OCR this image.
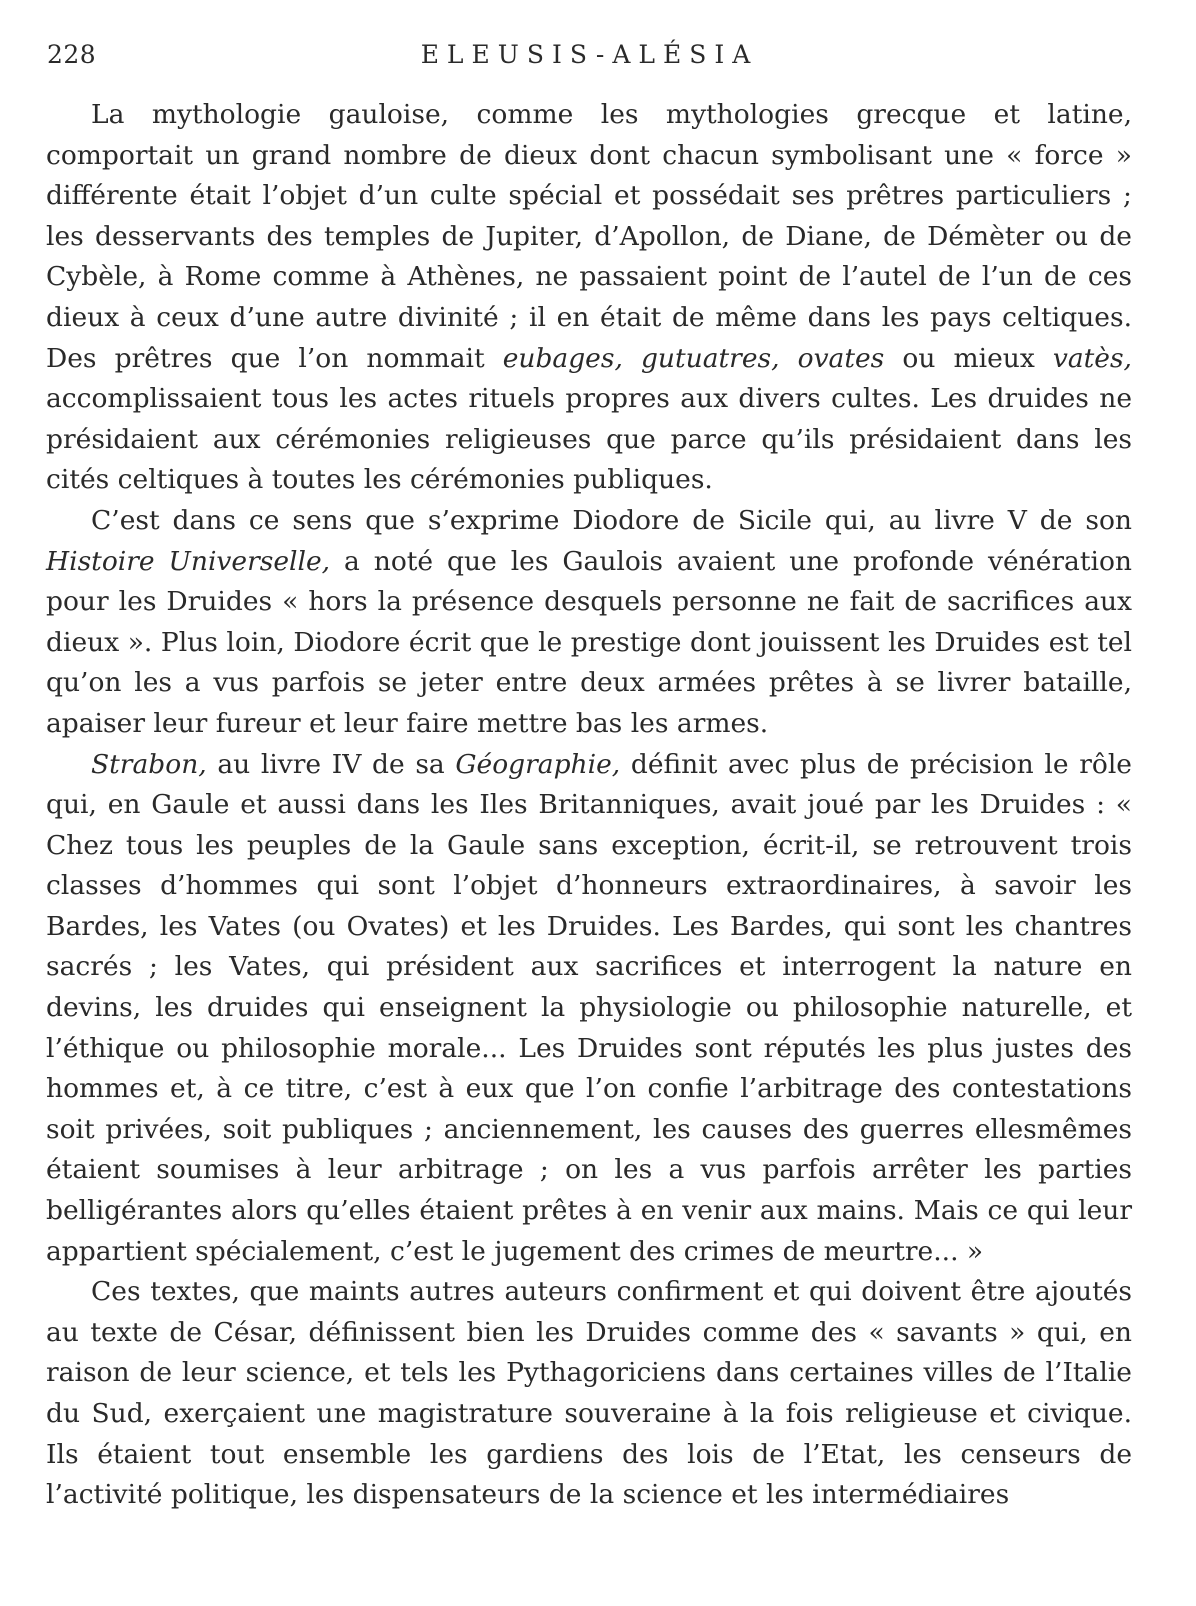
228	ELEUSIS-ALÉSIA

La mythologie gauloise, comme les mythologies grecque et latine, comportait un grand nombre de dieux dont chacun symbolisant une « force » différente était l’objet d’un culte spécial et possédait ses prêtres particuliers ; les desservants des temples de Jupiter, d’Apollon, de Diane, de Démèter ou de Cybèle, à Rome comme à Athènes, ne passaient point de l’autel de l’un de ces dieux à ceux d’une autre divinité ; il en était de même dans les pays celtiques. Des prêtres que l’on nommait eubages, gutuatres, ovates ou mieux vatès, accomplissaient tous les actes rituels propres aux divers cultes. Les druides ne présidaient aux cérémonies religieuses que parce qu’ils présidaient dans les cités celtiques à toutes les cérémonies publiques.

C’est dans ce sens que s’exprime Diodore de Sicile qui, au livre V de son Histoire Universelle, a noté que les Gaulois avaient une profonde vénération pour les Druides « hors la présence desquels personne ne fait de sacrifices aux dieux ». Plus loin, Diodore écrit que le prestige dont jouissent les Druides est tel qu’on les a vus parfois se jeter entre deux armées prêtes à se livrer bataille, apaiser leur fureur et leur faire mettre bas les armes.

Strabon, au livre IV de sa Géographie, définit avec plus de précision le rôle qui, en Gaule et aussi dans les Iles Britanniques, avait joué par les Druides : « Chez tous les peuples de la Gaule sans exception, écrit-il, se retrouvent trois classes d’hommes qui sont l’objet d’honneurs extraordinaires, à savoir les Bardes, les Vates (ou Ovates) et les Druides. Les Bardes, qui sont les chantres sacrés ; les Vates, qui président aux sacrifices et interrogent la nature en devins, les druides qui enseignent la physiologie ou philosophie naturelle, et l’éthique ou philosophie morale... Les Druides sont réputés les plus justes des hommes et, à ce titre, c’est à eux que l’on confie l’arbitrage des contestations soit privées, soit publiques ; anciennement, les causes des guerres ellesmêmes étaient soumises à leur arbitrage ; on les a vus parfois arrêter les parties belligérantes alors qu’elles étaient prêtes à en venir aux mains. Mais ce qui leur appartient spécialement, c’est le jugement des crimes de meurtre... »

Ces textes, que maints autres auteurs confirment et qui doivent être ajoutés au texte de César, définissent bien les Druides comme des « savants » qui, en raison de leur science, et tels les Pythagoriciens dans certaines villes de l’Italie du Sud, exerçaient une magistrature souveraine à la fois religieuse et civique. Ils étaient tout ensemble les gardiens des lois de l’Etat, les censeurs de l’activité politique, les dispensateurs de la science et les intermédiaires
